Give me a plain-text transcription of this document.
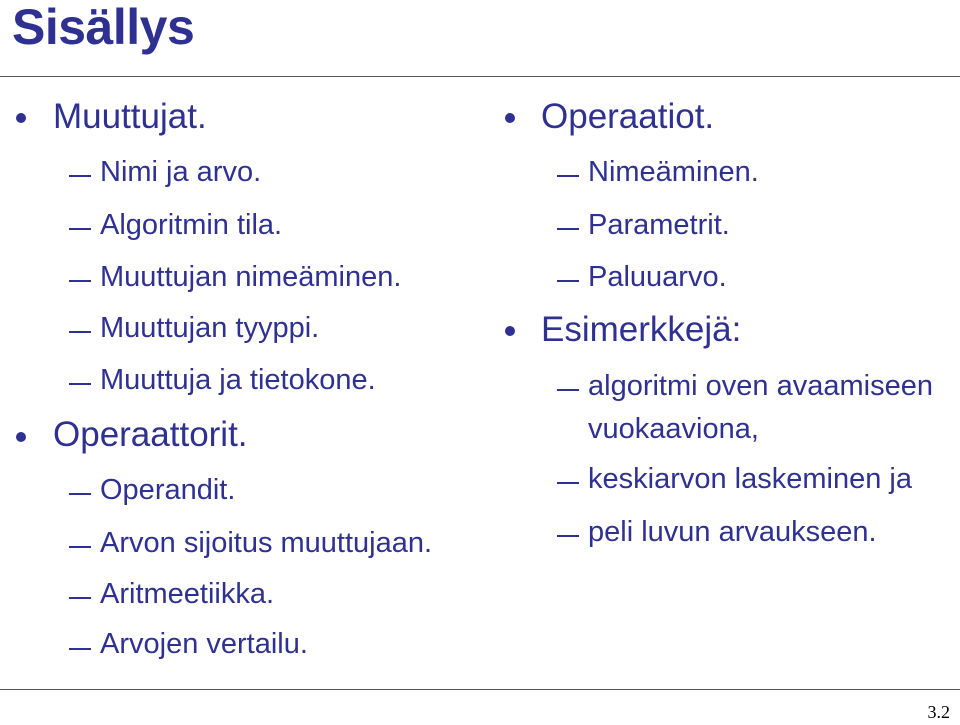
Sisällys
Muuttujat.
Nimi ja arvo.
Algoritmin tila.
Muuttujan nimeäminen.
Muuttujan tyyppi.
Muuttuja ja tietokone.
Operaattorit.
Operandit.
Arvon sijoitus muuttujaan.
Aritmeetiikka.
Arvojen vertailu.
Operaatiot.
Nimeäminen.
Parametrit.
Paluuarvo.
Esimerkkejä:
algoritmi oven avaamiseen
vuokaaviona,
keskiarvon laskeminen ja
peli luvun arvaukseen.
3.2
